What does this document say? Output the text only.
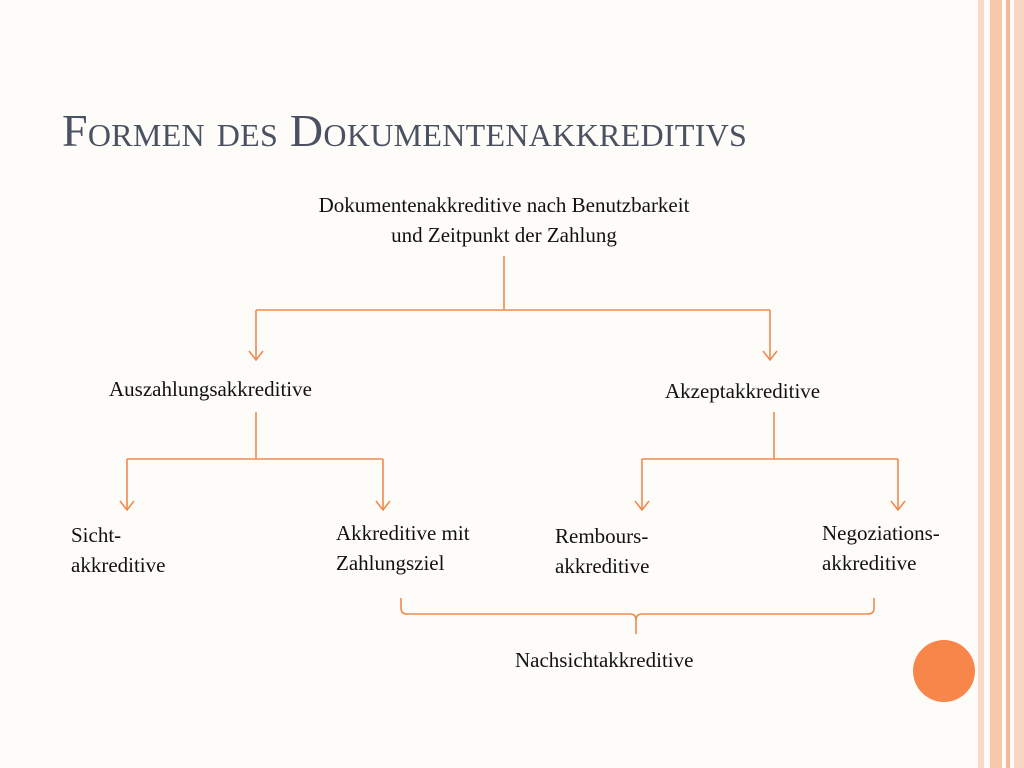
Formen des Dokumentenakkreditivs
Dokumentenakkreditive nach Benutzbarkeit
und Zeitpunkt der Zahlung
Auszahlungsakkreditive	Akzeptakkreditive
Sicht-
akkreditive
Akkreditive mit
Zahlungsziel
Rembours-
akkreditive
Negoziations-
akkreditive
Nachsichtakkreditive
